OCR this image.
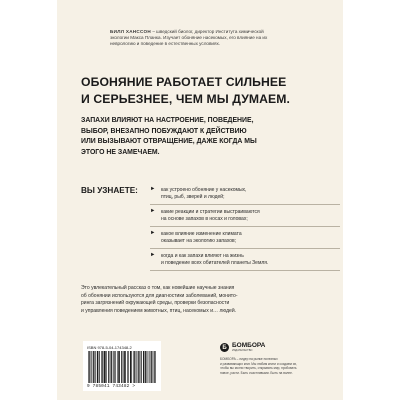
БИЛЛ ХАНССОН – шведский биолог, директор Института химической
экологии Макса Планка. Изучает обоняние насекомых, его влияние на их
неврологию и поведение в естественных условиях.
ОБОНЯНИЕ РАБОТАЕТ СИЛЬНЕЕ
И СЕРЬЕЗНЕЕ, ЧЕМ МЫ ДУМАЕМ.
ЗАПАХИ ВЛИЯЮТ НА НАСТРОЕНИЕ, ПОВЕДЕНИЕ,
ВЫБОР, ВНЕЗАПНО ПОБУЖДАЮТ К ДЕЙСТВИЮ
ИЛИ ВЫЗЫВАЮТ ОТВРАЩЕНИЕ, ДАЖЕ КОГДА МЫ
ЭТОГО НЕ ЗАМЕЧАЕМ.
ВЫ УЗНАЕТЕ: ► как устроено обоняние у насекомых,
птиц, рыб, зверей и людей;
► какие реакции и стратегии выстраиваются
на основе запахов в носах и головах;
► какое влияние изменение климата
оказывает на экологию запахов;
► когда и как запахи влияют на жизнь
и поведение всех обитателей планеты Земля.
Это увлекательный рассказ о том, как новейшие научные знания
об обонянии используются для диагностики заболеваний, монито-
ринга загрязнений окружающей среды, проверки безопасности
и управления поведением животных, птиц, насекомых и… людей.
ISBN 978-5-04-174348-2
9 785041 743482 >
Б БОМБОРА
ИЗДАТЕЛЬСТВО
БОМБОРА – лидер на рынке полезных
и развивающих книг. Мы любим книги и создаем их,
чтобы вы могли творить, открывать мир, пробовать
новое, расти. Быть счастливыми. Быть на волне.
